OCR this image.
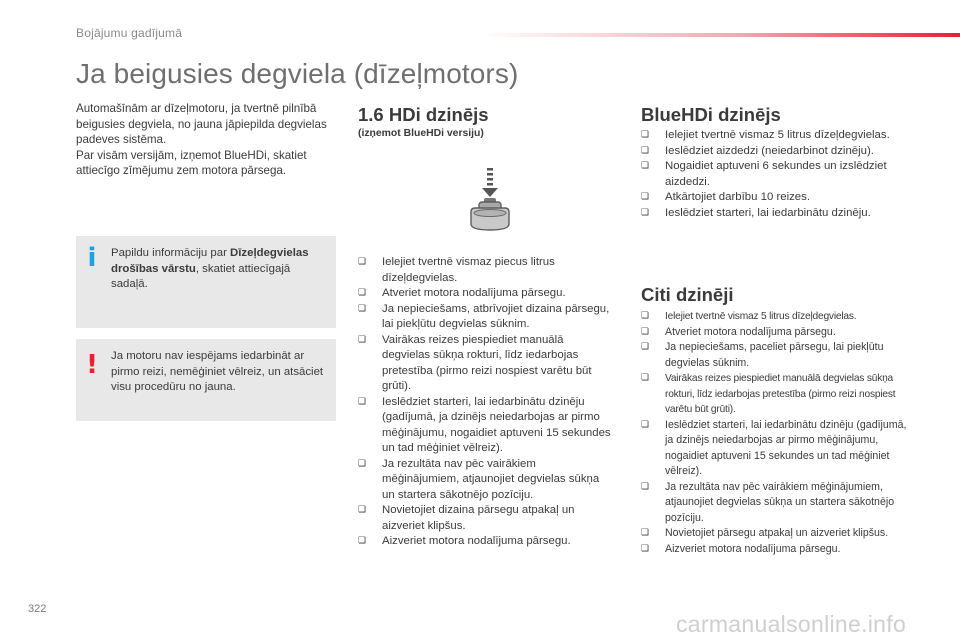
Bojājumu gadījumā
Ja beigusies degviela (dīzeļmotors)

Automašīnām ar dīzeļmotoru, ja tvertnē pilnībā beigusies degviela, no jauna jāpiepilda degvielas padeves sistēma.

Par visām versijām, izņemot BlueHDi, skatiet attiecīgo zīmējumu zem motora pārsega.

i Papildu informāciju par Dīzeļdegvielas drošības vārstu, skatiet attiecīgajā sadaļā.
! Ja motoru nav iespējams iedarbināt ar pirmo reizi, nemēģiniet vēlreiz, un atsāciet visu procedūru no jauna.
1.6 HDi dzinējs

(izņemot BlueHDi versiju)

❏ Ielejiet tvertnē vismaz piecus litrus dīzeļdegvielas.
❏ Atveriet motora nodalījuma pārsegu.
❏ Ja nepieciešams, atbrīvojiet dizaina pārsegu, lai piekļūtu degvielas sūknim.
❏ Vairākas reizes piespiediet manuālā degvielas sūkņa rokturi, līdz iedarbojas pretestība (pirmo reizi nospiest varētu būt grūti).
❏ Ieslēdziet starteri, lai iedarbinātu dzinēju (gadījumā, ja dzinējs neiedarbojas ar pirmo mēģinājumu, nogaidiet aptuveni 15 sekundes un tad mēģiniet vēlreiz).
❏ Ja rezultāta nav pēc vairākiem mēģinājumiem, atjaunojiet degvielas sūkņa un startera sākotnējo pozīciju.
❏ Novietojiet dizaina pārsegu atpakaļ un aizveriet klipšus.
❏ Aizveriet motora nodalījuma pārsegu.
BlueHDi dzinējs
❏ Ielejiet tvertnē vismaz 5 litrus dīzeļdegvielas.
❏ Ieslēdziet aizdedzi (neiedarbinot dzinēju).
❏ Nogaidiet aptuveni 6 sekundes un izslēdziet aizdedzi.
❏ Atkārtojiet darbību 10 reizes.
❏ Ieslēdziet starteri, lai iedarbinātu dzinēju.
Citi dzinēji
❏ Ielejiet tvertnē vismaz 5 litrus dīzeļdegvielas.
❏ Atveriet motora nodalījuma pārsegu.
❏ Ja nepieciešams, paceliet pārsegu, lai piekļūtu degvielas sūknim.
❏ Vairākas reizes piespiediet manuālā degvielas sūkņa rokturi, līdz iedarbojas pretestība (pirmo reizi nospiest varētu būt grūti).
❏ Ieslēdziet starteri, lai iedarbinātu dzinēju (gadījumā, ja dzinējs neiedarbojas ar pirmo mēģinājumu, nogaidiet aptuveni 15 sekundes un tad mēģiniet vēlreiz).
❏ Ja rezultāta nav pēc vairākiem mēģinājumiem, atjaunojiet degvielas sūkņa un startera sākotnējo pozīciju.
❏ Novietojiet pārsegu atpakaļ un aizveriet klipšus.
❏ Aizveriet motora nodalījuma pārsegu.
322
carmanualsonline.info
